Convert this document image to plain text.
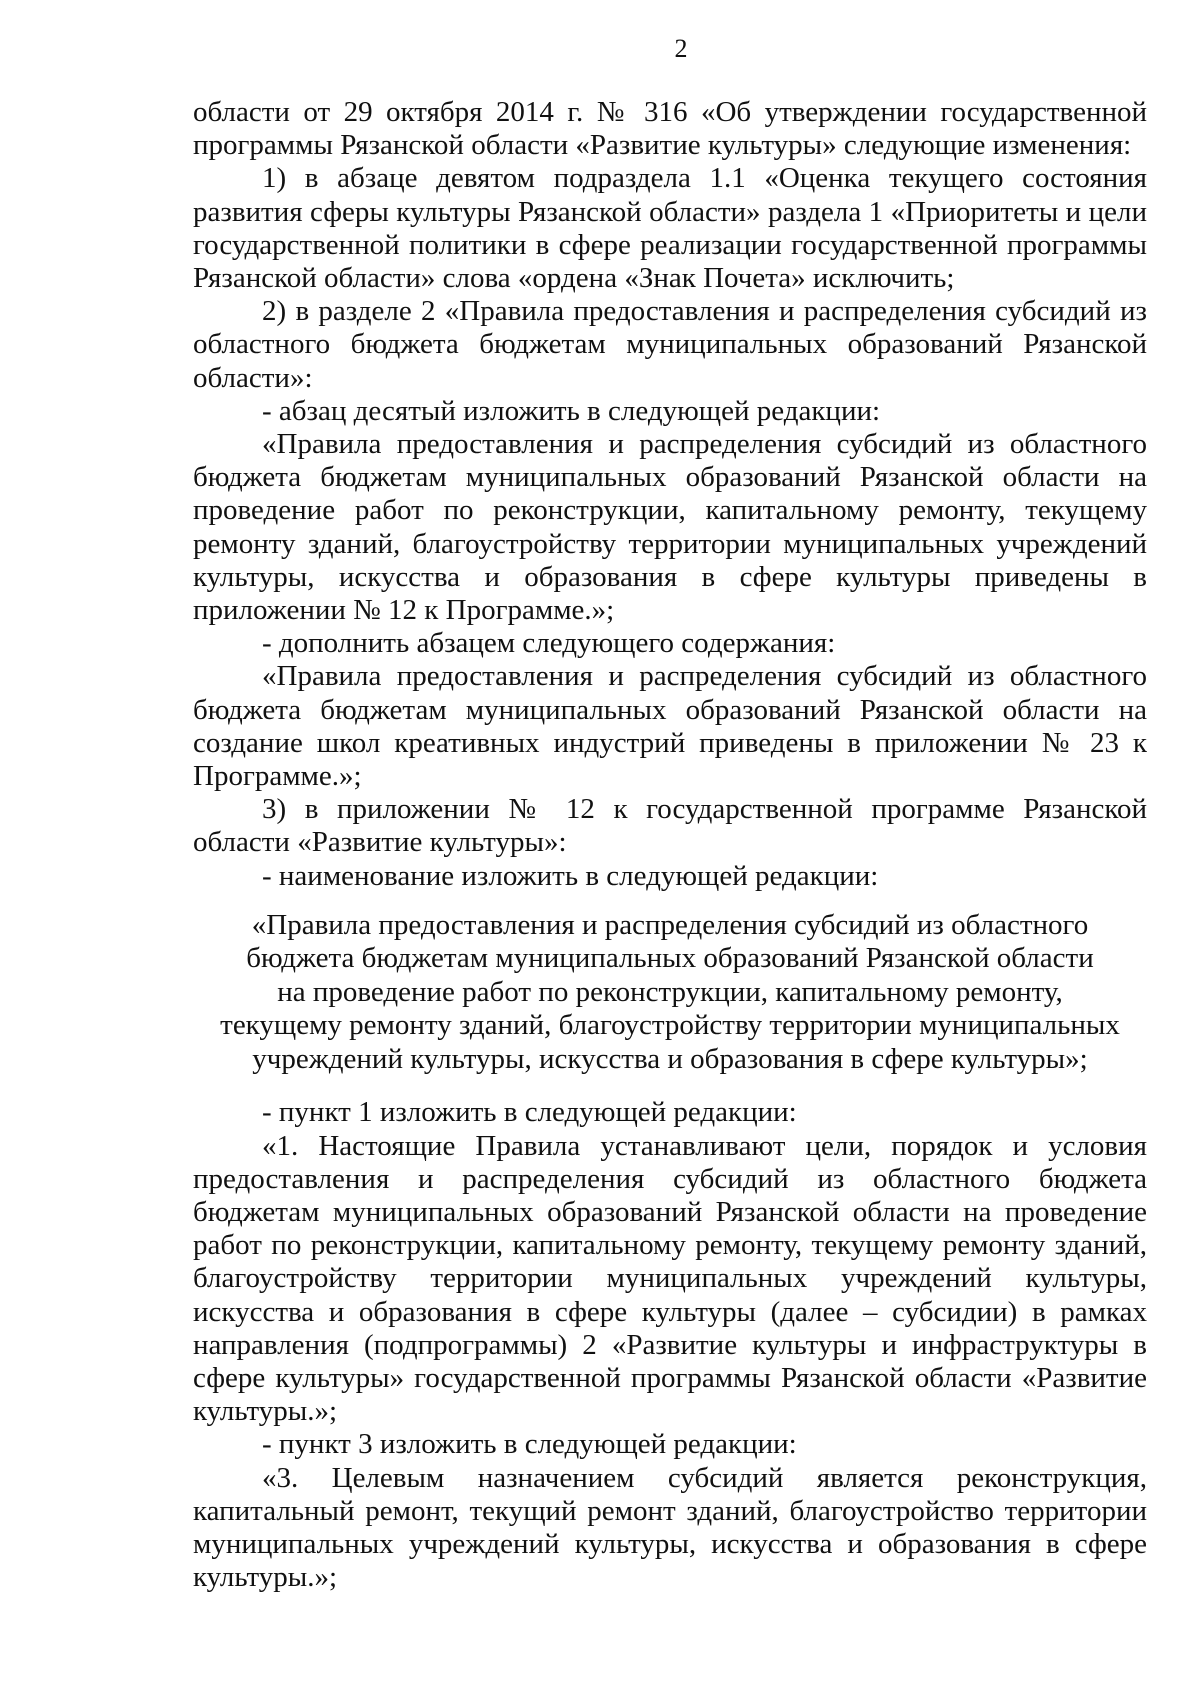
2

области от 29 октября 2014 г. № 316 «Об утверждении государственной программы Рязанской области «Развитие культуры» следующие изменения:

1) в абзаце девятом подраздела 1.1 «Оценка текущего состояния развития сферы культуры Рязанской области» раздела 1 «Приоритеты и цели государственной политики в сфере реализации государственной программы Рязанской области» слова «ордена «Знак Почета» исключить;

2) в разделе 2 «Правила предоставления и распределения субсидий из областного бюджета бюджетам муниципальных образований Рязанской области»:

- абзац десятый изложить в следующей редакции:

«Правила предоставления и распределения субсидий из областного бюджета бюджетам муниципальных образований Рязанской области на проведение работ по реконструкции, капитальному ремонту, текущему ремонту зданий, благоустройству территории муниципальных учреждений культуры, искусства и образования в сфере культуры приведены в приложении № 12 к Программе.»;

- дополнить абзацем следующего содержания:

«Правила предоставления и распределения субсидий из областного бюджета бюджетам муниципальных образований Рязанской области на создание школ креативных индустрий приведены в приложении № 23 к Программе.»;

3) в приложении № 12 к государственной программе Рязанской области «Развитие культуры»:

- наименование изложить в следующей редакции:

«Правила предоставления и распределения субсидий из областного
бюджета бюджетам муниципальных образований Рязанской области
на проведение работ по реконструкции, капитальному ремонту,
текущему ремонту зданий, благоустройству территории муниципальных
учреждений культуры, искусства и образования в сфере культуры»;

- пункт 1 изложить в следующей редакции:

«1. Настоящие Правила устанавливают цели, порядок и условия предоставления и распределения субсидий из областного бюджета бюджетам муниципальных образований Рязанской области на проведение работ по реконструкции, капитальному ремонту, текущему ремонту зданий, благоустройству территории муниципальных учреждений культуры, искусства и образования в сфере культуры (далее – субсидии) в рамках направления (подпрограммы) 2 «Развитие культуры и инфраструктуры в сфере культуры» государственной программы Рязанской области «Развитие культуры.»;

- пункт 3 изложить в следующей редакции:

«3. Целевым назначением субсидий является реконструкция, капитальный ремонт, текущий ремонт зданий, благоустройство территории муниципальных учреждений культуры, искусства и образования в сфере культуры.»;
